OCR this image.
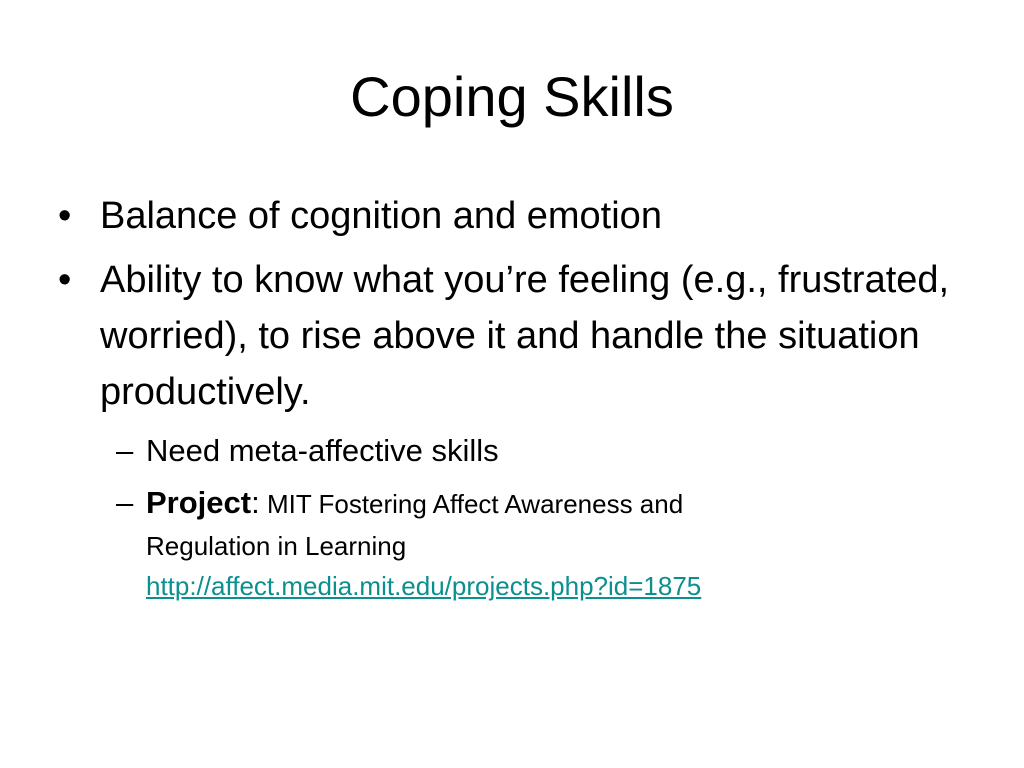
Coping Skills
• Balance of cognition and emotion
• Ability to know what you’re feeling (e.g., frustrated, worried), to rise above it and handle the situation productively.
– Need meta-affective skills
– Project: MIT Fostering Affect Awareness and
Regulation in Learning
http://affect.media.mit.edu/projects.php?id=1875
